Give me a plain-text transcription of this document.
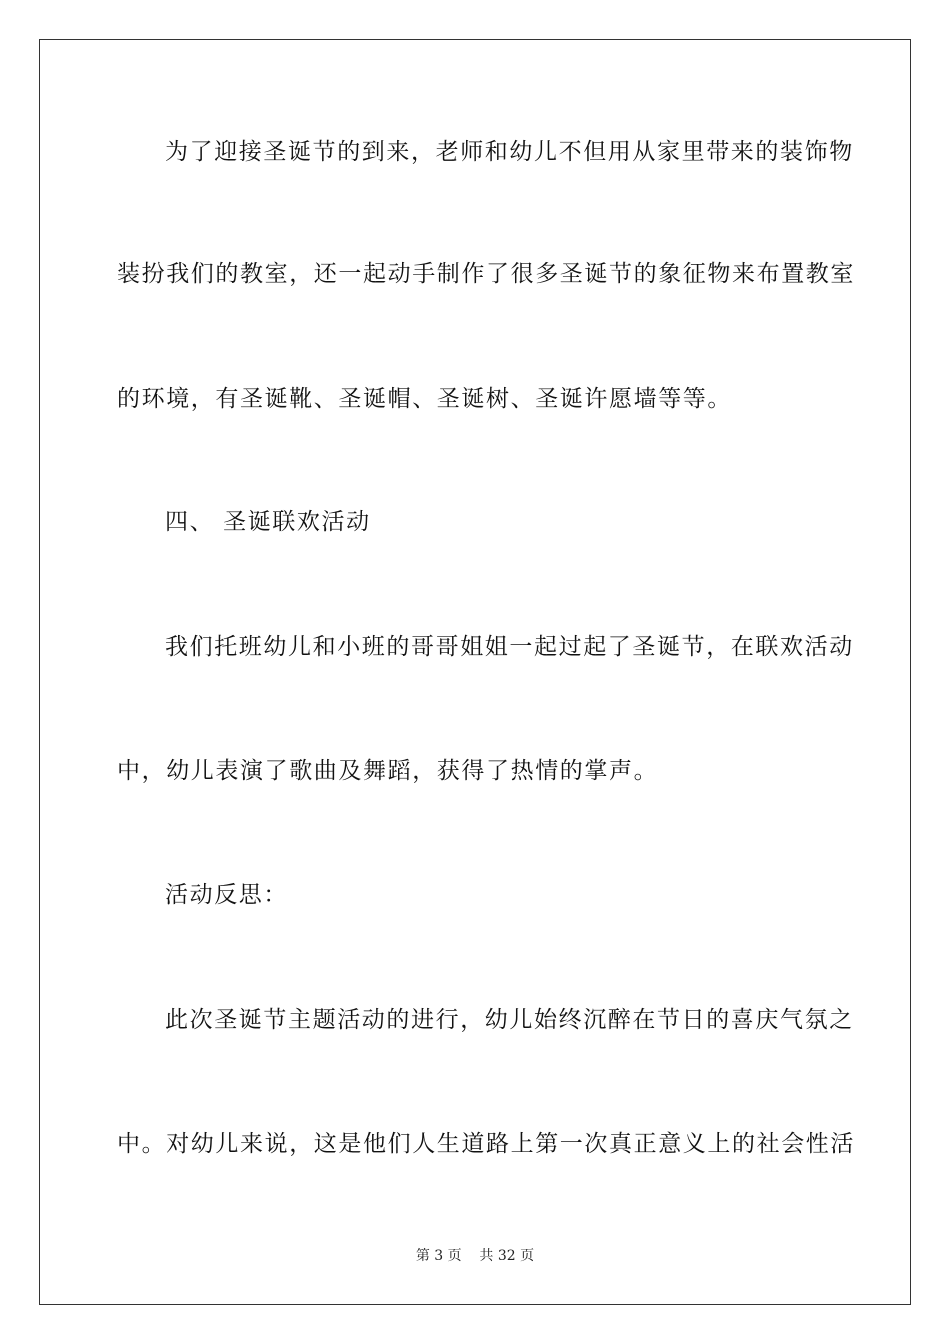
为了迎接圣诞节的到来，老师和幼儿不但用从家里带来的装饰物
装扮我们的教室，还一起动手制作了很多圣诞节的象征物来布置教室
的环境，有圣诞靴、圣诞帽、圣诞树、圣诞许愿墙等等。
四、 圣诞联欢活动
我们托班幼儿和小班的哥哥姐姐一起过起了圣诞节，在联欢活动
中，幼儿表演了歌曲及舞蹈，获得了热情的掌声。
活动反思：
此次圣诞节主题活动的进行，幼儿始终沉醉在节日的喜庆气氛之
中。对幼儿来说，这是他们人生道路上第一次真正意义上的社会性活
第 3 页    共 32 页
